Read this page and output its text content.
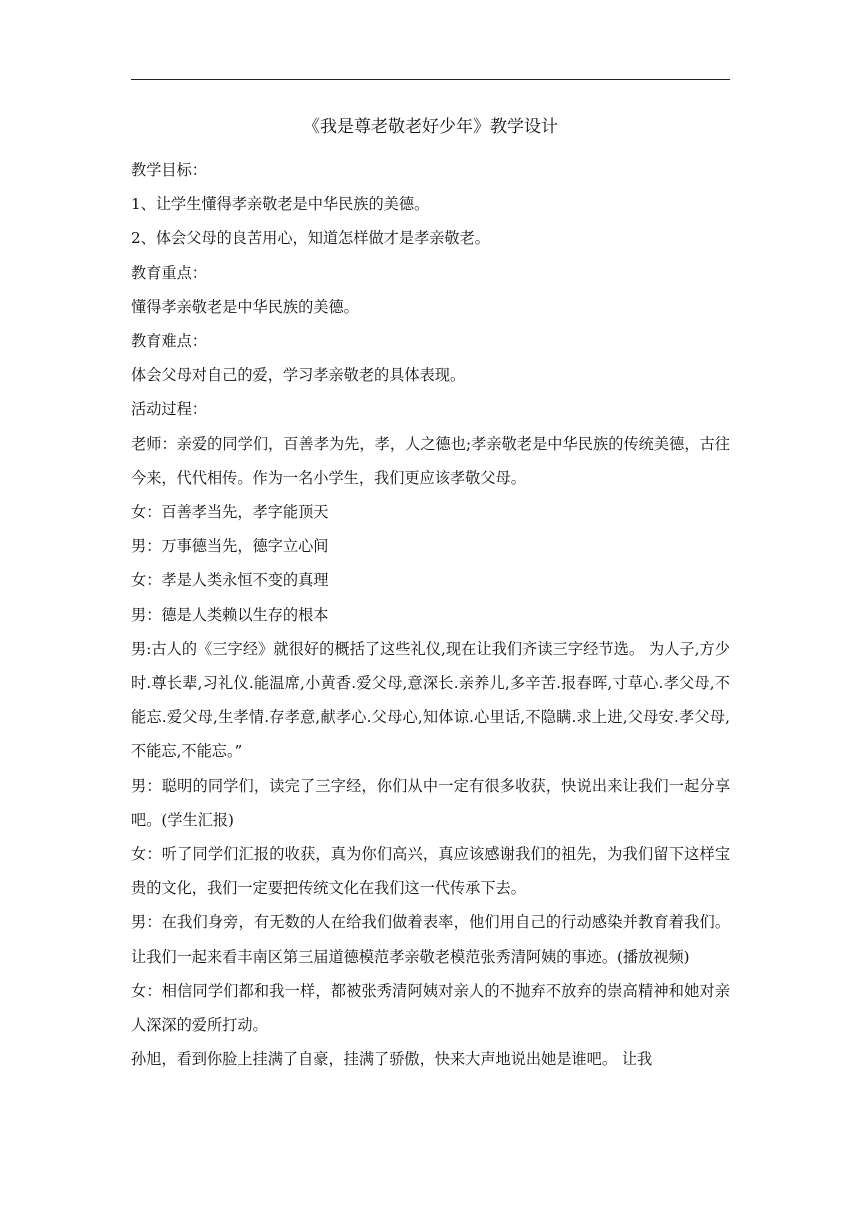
《我是尊老敬老好少年》教学设计

教学目标：

1、让学生懂得孝亲敬老是中华民族的美德。

2、体会父母的良苦用心，知道怎样做才是孝亲敬老。

教育重点：

懂得孝亲敬老是中华民族的美德。

教育难点：

体会父母对自己的爱，学习孝亲敬老的具体表现。

活动过程：

老师：亲爱的同学们，百善孝为先，孝，人之德也;孝亲敬老是中华民族的传统美德，古往今来，代代相传。作为一名小学生，我们更应该孝敬父母。

女：百善孝当先，孝字能顶天

男：万事德当先，德字立心间

女：孝是人类永恒不变的真理

男：德是人类赖以生存的根本

男:古人的《三字经》就很好的概括了这些礼仪,现在让我们齐读三字经节选。 为人子,方少时.尊长辈,习礼仪.能温席,小黄香.爱父母,意深长.亲养儿,多辛苦.报春晖,寸草心.孝父母,不能忘.爱父母,生孝情.存孝意,献孝心.父母心,知体谅.心里话,不隐瞒.求上进,父母安.孝父母,不能忘,不能忘。”

男：聪明的同学们，读完了三字经，你们从中一定有很多收获，快说出来让我们一起分享吧。(学生汇报)

女：听了同学们汇报的收获，真为你们高兴，真应该感谢我们的祖先，为我们留下这样宝贵的文化，我们一定要把传统文化在我们这一代传承下去。

男：在我们身旁，有无数的人在给我们做着表率，他们用自己的行动感染并教育着我们。让我们一起来看丰南区第三届道德模范孝亲敬老模范张秀清阿姨的事迹。(播放视频)

女：相信同学们都和我一样，都被张秀清阿姨对亲人的不抛弃不放弃的崇高精神和她对亲人深深的爱所打动。

孙旭，看到你脸上挂满了自豪，挂满了骄傲，快来大声地说出她是谁吧。 让我
